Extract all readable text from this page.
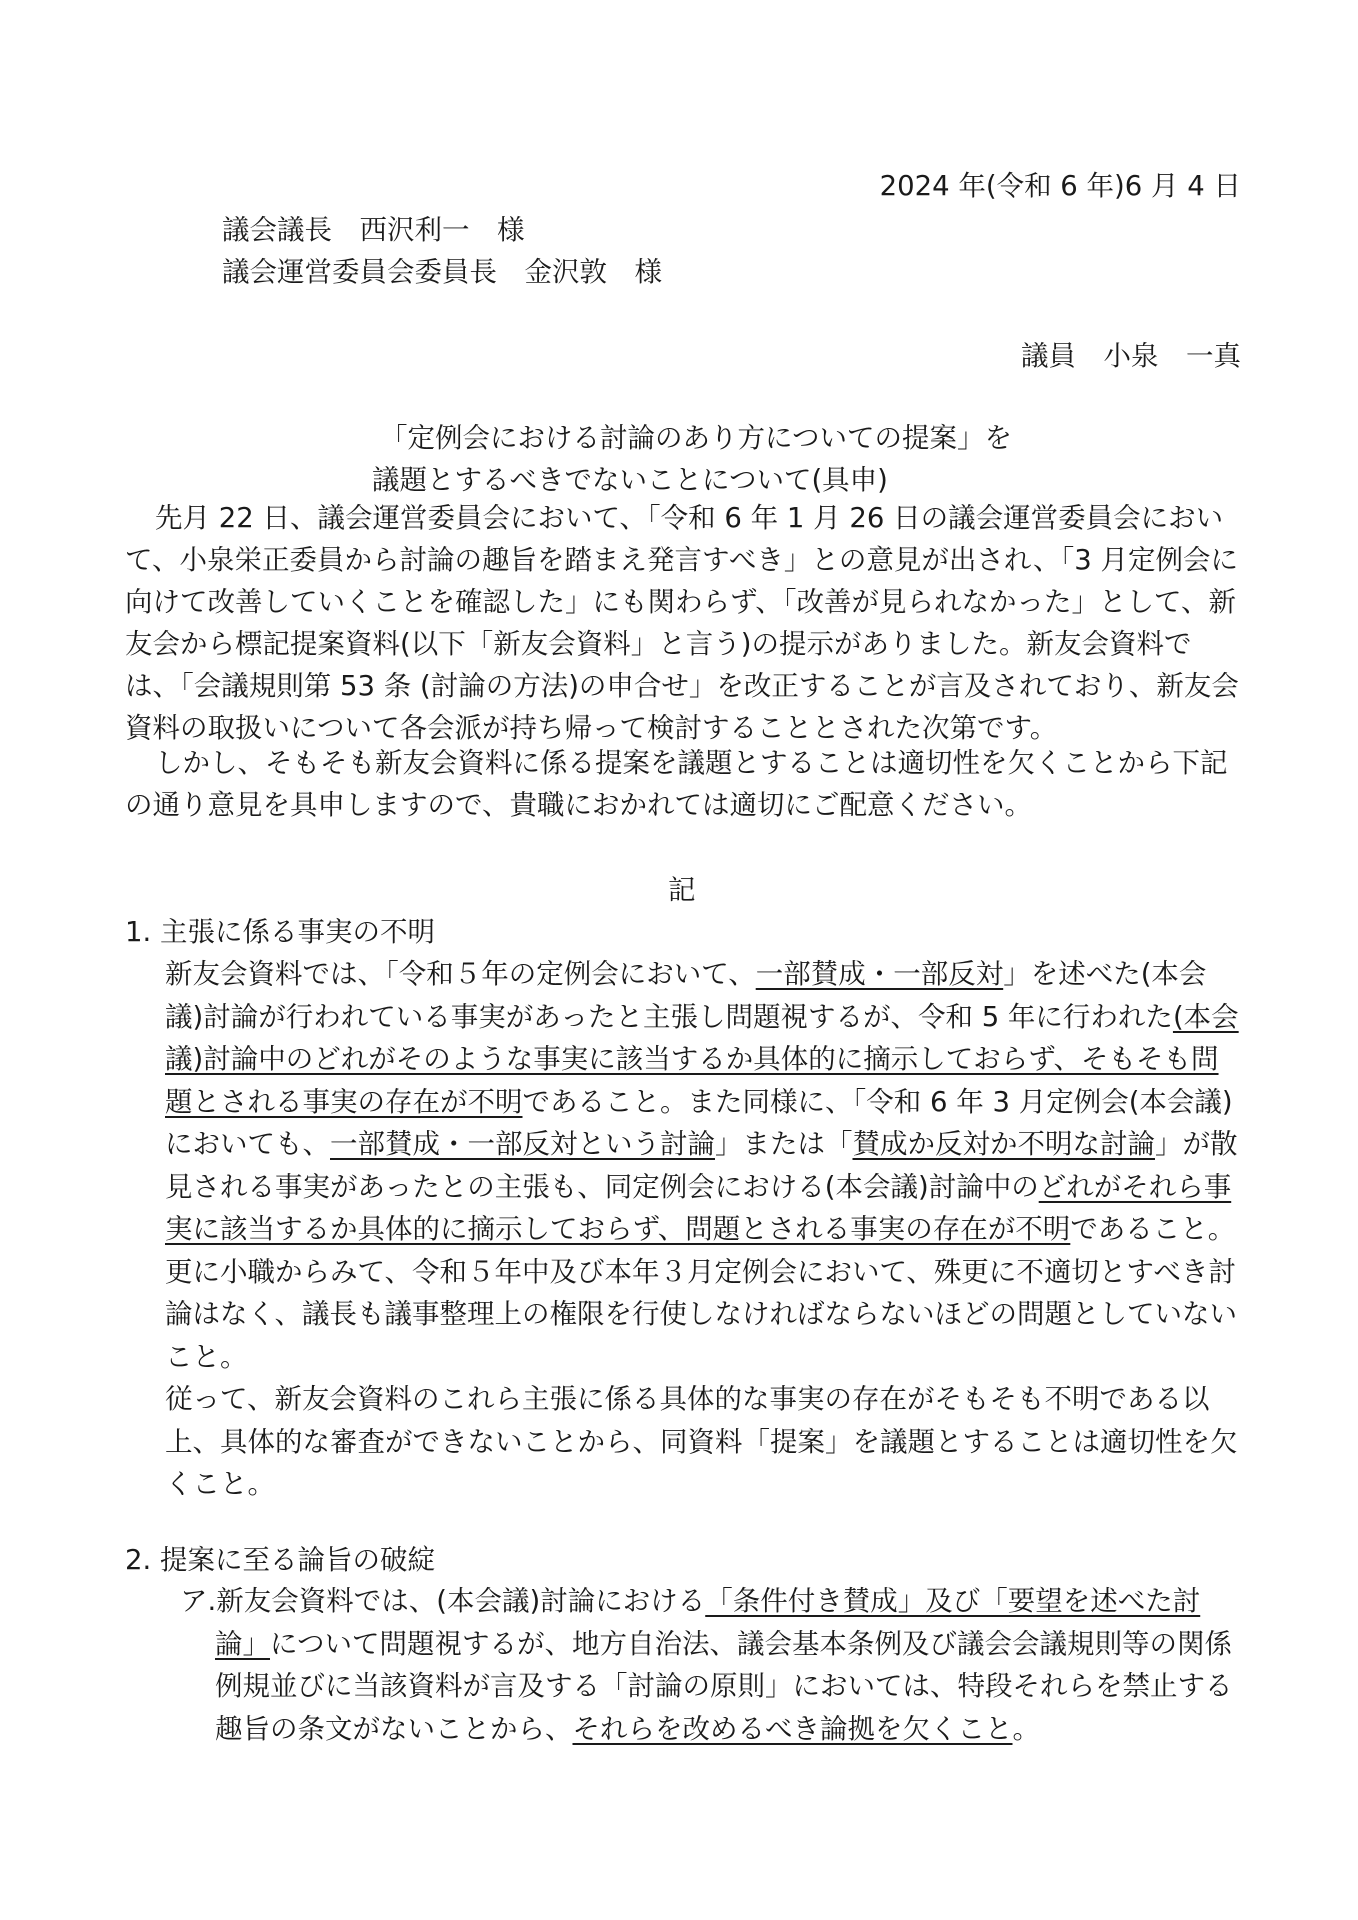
2024 年(令和 6 年)6 月 4 日
議会議長　西沢利一　様
議会運営委員会委員長　金沢敦　様
議員　小泉　一真
「定例会における討論のあり方についての提案」を
議題とするべきでないことについて(具申)
先月 22 日、議会運営委員会において、「令和 6 年 1 月 26 日の議会運営委員会において、小泉栄正委員から討論の趣旨を踏まえ発言すべき」との意見が出され、「3 月定例会に向けて改善していくことを確認した」にも関わらず、「改善が見られなかった」として、新友会から標記提案資料(以下「新友会資料」と言う)の提示がありました。新友会資料では、「会議規則第 53 条 (討論の方法)の申合せ」を改正することが言及されており、新友会資料の取扱いについて各会派が持ち帰って検討することとされた次第です。
しかし、そもそも新友会資料に係る提案を議題とすることは適切性を欠くことから下記の通り意見を具申しますので、貴職におかれては適切にご配意ください。
記
1. 主張に係る事実の不明
新友会資料では、「令和５年の定例会において、一部賛成・一部反対」を述べた(本会議)討論が行われている事実があったと主張し問題視するが、令和 5 年に行われた(本会議)討論中のどれがそのような事実に該当するか具体的に摘示しておらず、そもそも問題とされる事実の存在が不明であること。また同様に、「令和 6 年 3 月定例会(本会議)においても、一部賛成・一部反対という討論」または「賛成か反対か不明な討論」が散見される事実があったとの主張も、同定例会における(本会議)討論中のどれがそれら事実に該当するか具体的に摘示しておらず、問題とされる事実の存在が不明であること。
更に小職からみて、令和５年中及び本年３月定例会において、殊更に不適切とすべき討論はなく、議長も議事整理上の権限を行使しなければならないほどの問題としていないこと。
従って、新友会資料のこれら主張に係る具体的な事実の存在がそもそも不明である以上、具体的な審査ができないことから、同資料「提案」を議題とすることは適切性を欠くこと。
2. 提案に至る論旨の破綻
ア.新友会資料では、(本会議)討論における「条件付き賛成」及び「要望を述べた討論」について問題視するが、地方自治法、議会基本条例及び議会会議規則等の関係例規並びに当該資料が言及する「討論の原則」においては、特段それらを禁止する趣旨の条文がないことから、それらを改めるべき論拠を欠くこと。
